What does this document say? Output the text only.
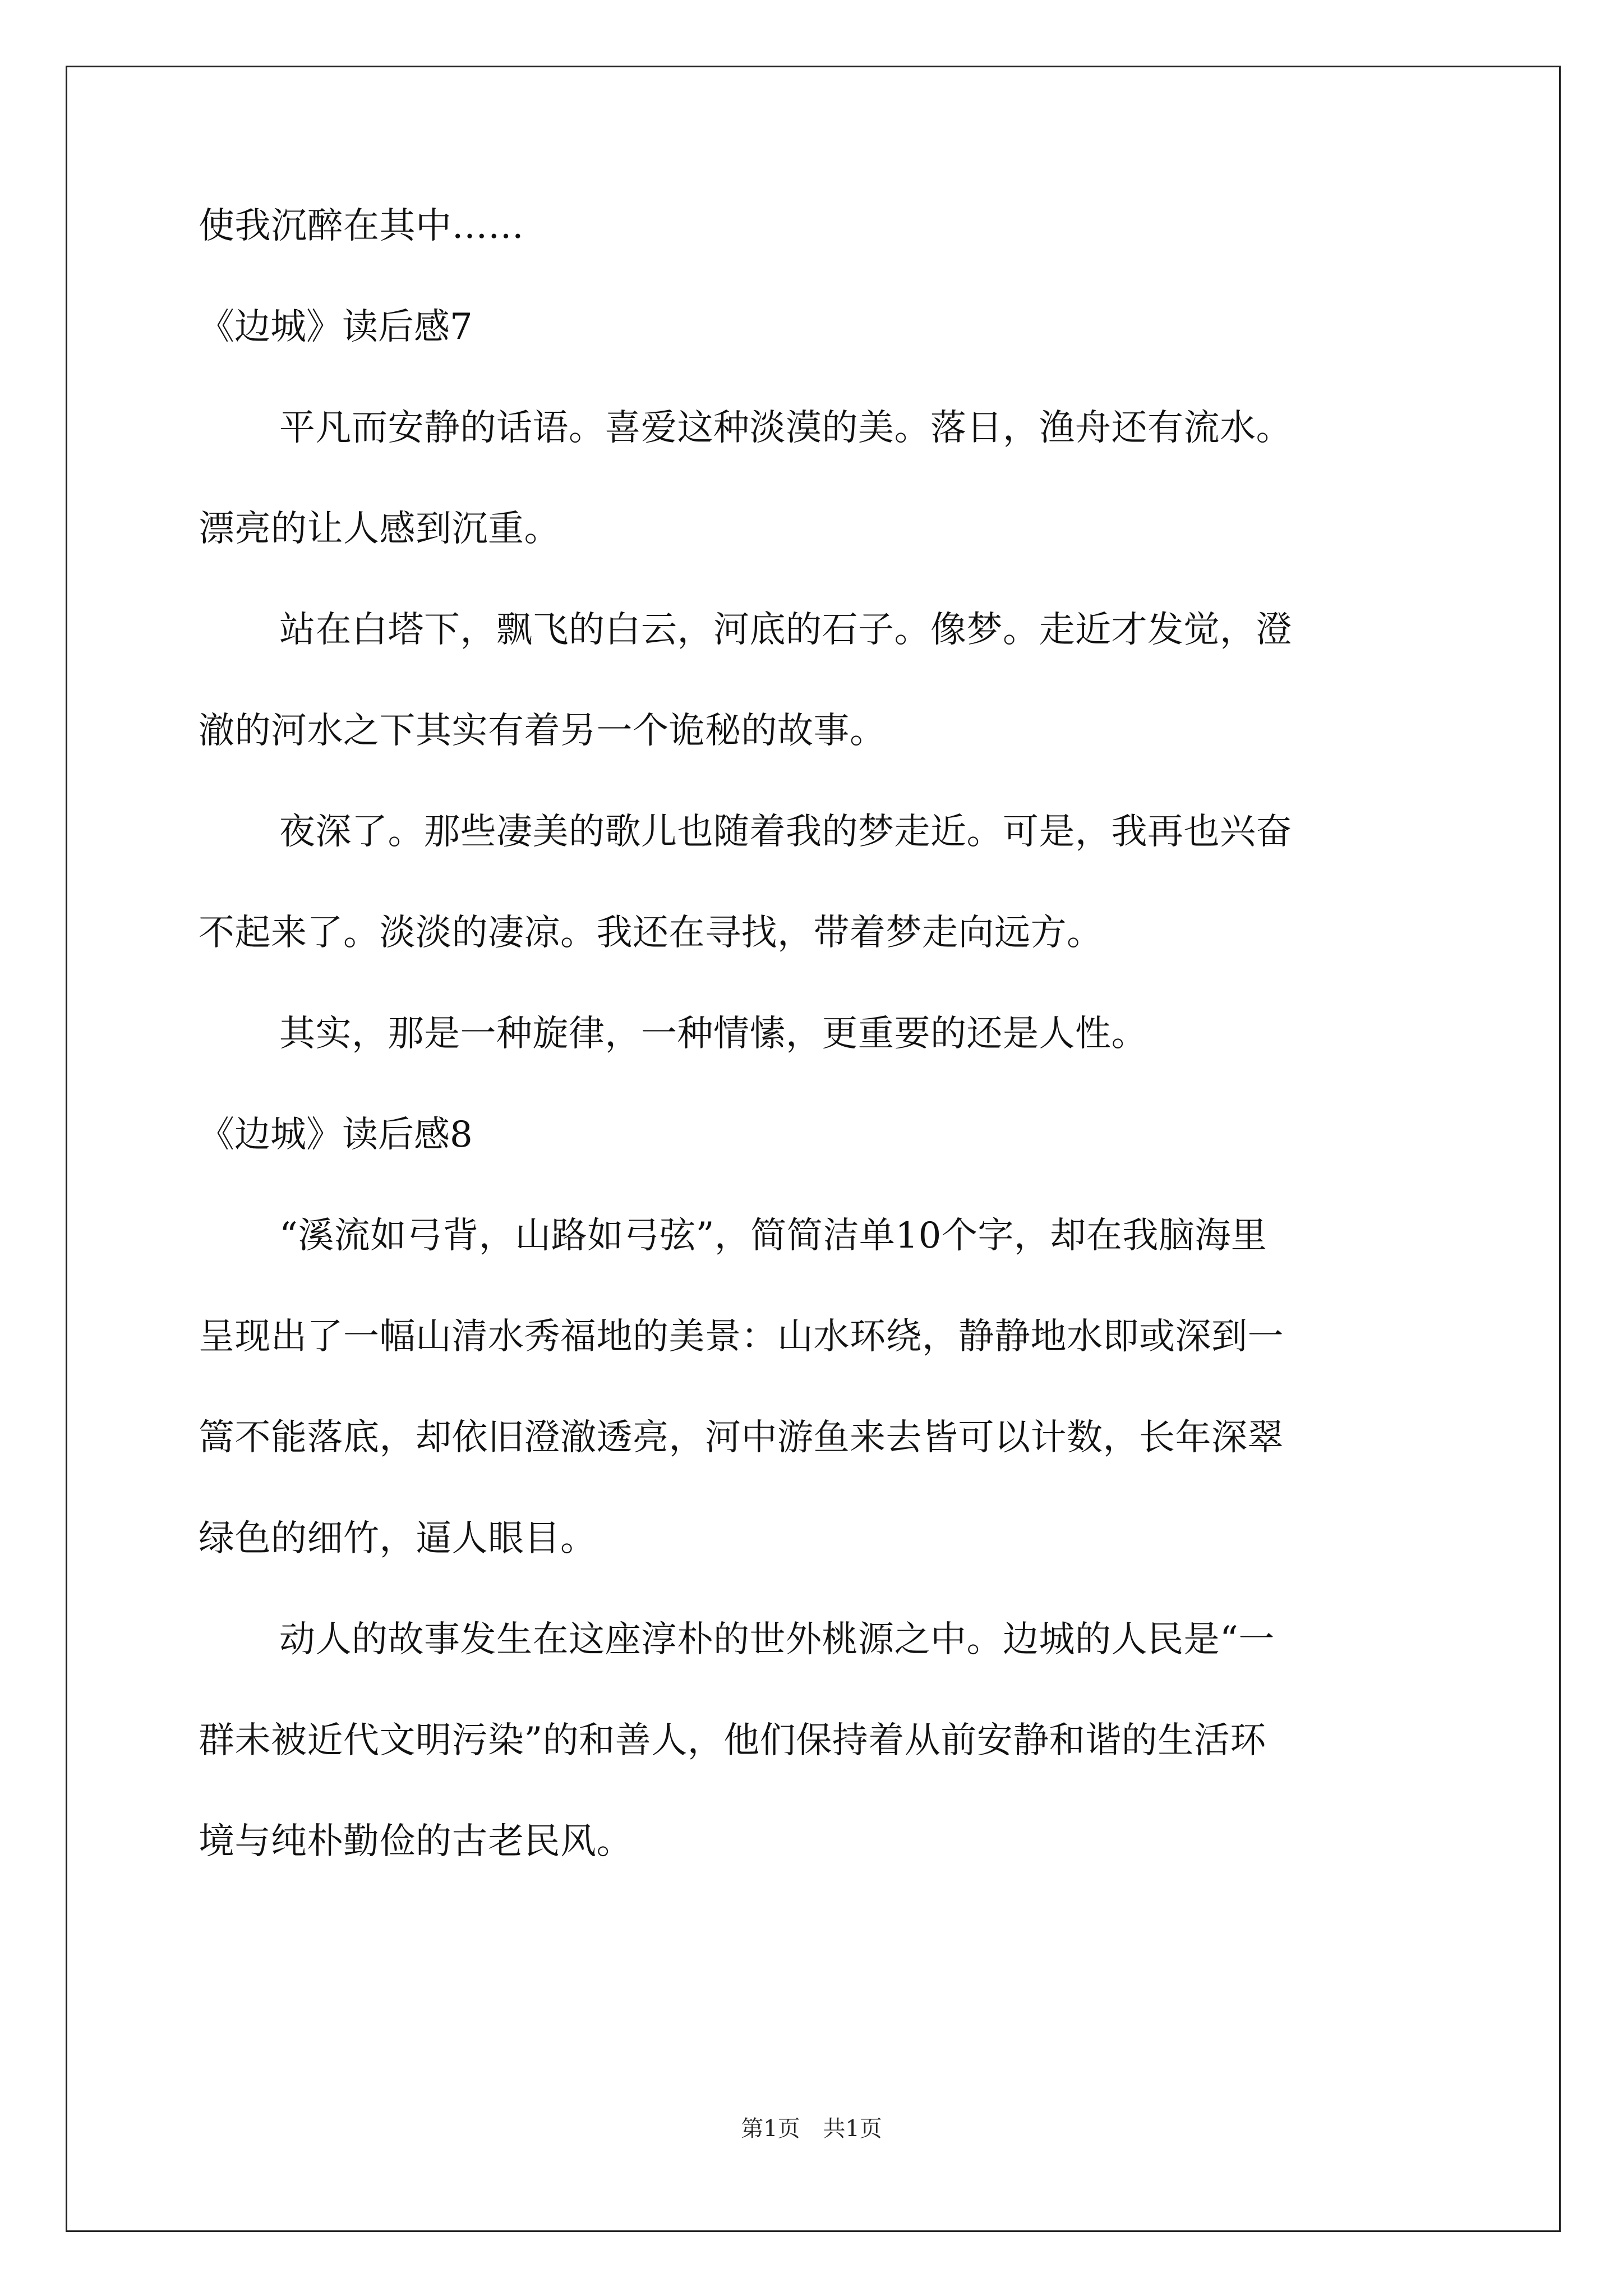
使我沉醉在其中……

《边城》读后感7

平凡而安静的话语。喜爱这种淡漠的美。落日，渔舟还有流水。
漂亮的让人感到沉重。

站在白塔下，飘飞的白云，河底的石子。像梦。走近才发觉，澄
澈的河水之下其实有着另一个诡秘的故事。

夜深了。那些凄美的歌儿也随着我的梦走近。可是，我再也兴奋
不起来了。淡淡的凄凉。我还在寻找，带着梦走向远方。

其实，那是一种旋律，一种情愫，更重要的还是人性。

《边城》读后感8

“溪流如弓背，山路如弓弦”，简简洁单10个字，却在我脑海里
呈现出了一幅山清水秀福地的美景：山水环绕，静静地水即或深到一
篙不能落底，却依旧澄澈透亮，河中游鱼来去皆可以计数，长年深翠
绿色的细竹，逼人眼目。

动人的故事发生在这座淳朴的世外桃源之中。边城的人民是“一
群未被近代文明污染”的和善人，他们保持着从前安静和谐的生活环
境与纯朴勤俭的古老民风。

第1页 共1页
